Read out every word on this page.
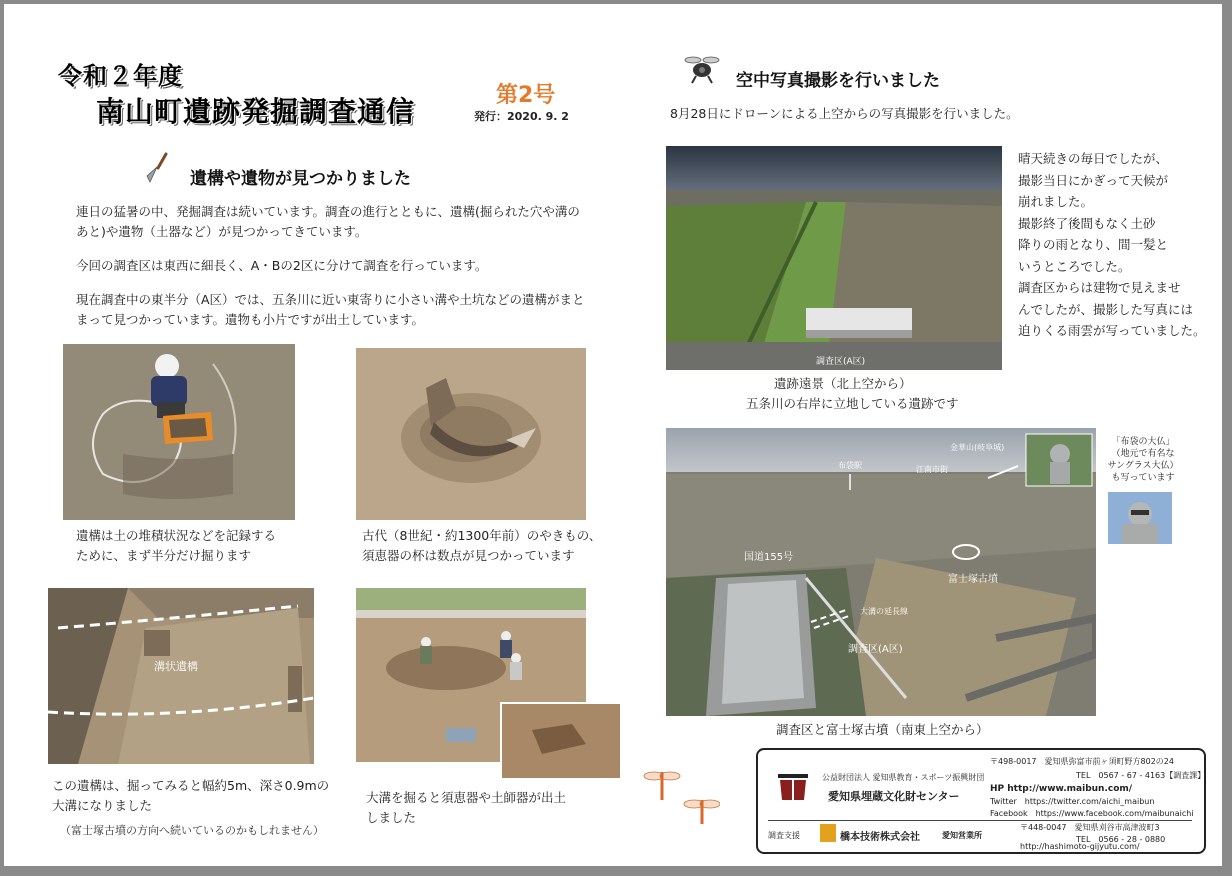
令和２年度
南山町遺跡発掘調査通信	第2号
発行：2020. 9. 2
遺構や遺物が見つかりました
連日の猛暑の中、発掘調査は続いています。調査の進行とともに、遺構(掘られた穴や溝のあと)や遺物（土器など）が見つかってきています。
今回の調査区は東西に細長く、A・Bの2区に分けて調査を行っています。
現在調査中の東半分（A区）では、五条川に近い東寄りに小さい溝や土坑などの遺構がまとまって見つかっています。遺物も小片ですが出土しています。
遺構は土の堆積状況などを記録する
ために、まず半分だけ掘ります
古代（8世紀・約1300年前）のやきもの、
須恵器の杯は数点が見つかっています
溝状遺構
この遺構は、掘ってみると幅約5m、深さ0.9mの
大溝になりました
（富士塚古墳の方向へ続いているのかもしれません）
大溝を掘ると須恵器や土師器が出土
しました
空中写真撮影を行いました
8月28日にドローンによる上空からの写真撮影を行いました。
調査区(A区)
晴天続きの毎日でしたが、
撮影当日にかぎって天候が
崩れました。
撮影終了後間もなく土砂
降りの雨となり、間一髪と
いうところでした。
調査区からは建物で見えませ
んでしたが、撮影した写真には
迫りくる雨雲が写っていました。
遺跡遠景（北上空から）
五条川の右岸に立地している遺跡です
金華山(岐阜城)
布袋駅	江南市街
国道155号
富士塚古墳
大溝の延長線
調査区(A区)
「布袋の大仏」
（地元で有名な
サングラス大仏）
も写っています
調査区と富士塚古墳（南東上空から）
公益財団法人 愛知県教育・スポーツ振興財団
愛知県埋蔵文化財センター
〒498-0017　愛知県弥富市前ヶ須町野方802の24
TEL　0567 - 67 - 4163【調査課】
HP http://www.maibun.com/
Twitter　https://twitter.com/aichi_maibun
Facebook　https://www.facebook.com/maibunaichi
調査支援	橋本技術株式会社	愛知営業所
〒448-0047　愛知県刈谷市高津波町3
TEL　0566 - 28 - 0880
http://hashimoto-gijyutu.com/
